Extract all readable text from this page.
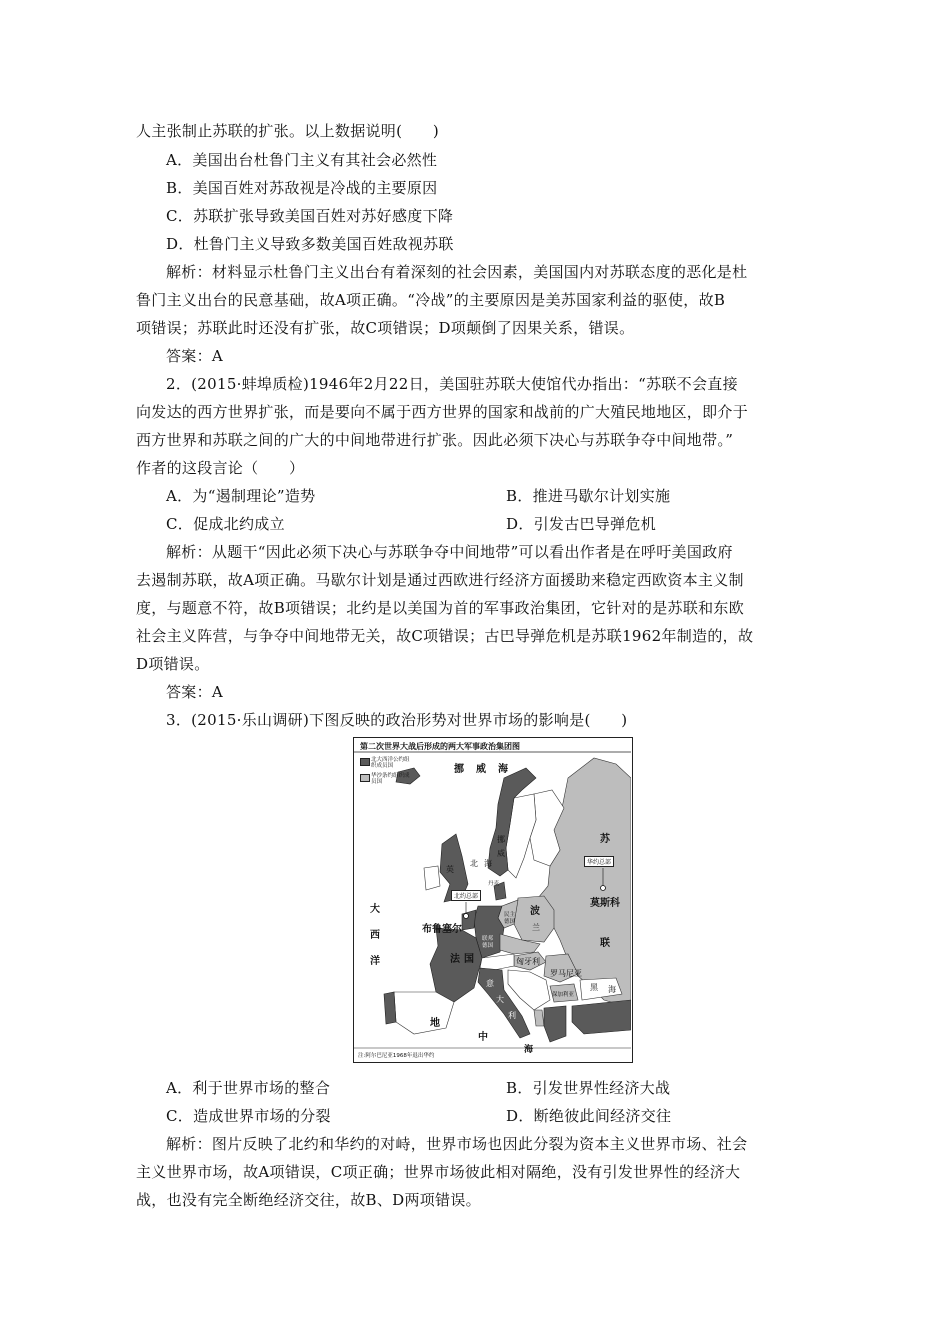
人主张制止苏联的扩张。以上数据说明(　　)
A．美国出台杜鲁门主义有其社会必然性
B．美国百姓对苏敌视是冷战的主要原因
C．苏联扩张导致美国百姓对苏好感度下降
D．杜鲁门主义导致多数美国百姓敌视苏联
解析：材料显示杜鲁门主义出台有着深刻的社会因素，美国国内对苏联态度的恶化是杜
鲁门主义出台的民意基础，故A项正确。“冷战”的主要原因是美苏国家利益的驱使，故B
项错误；苏联此时还没有扩张，故C项错误；D项颠倒了因果关系，错误。
答案：A
2．(2015·蚌埠质检)1946年2月22日，美国驻苏联大使馆代办指出：“苏联不会直接
向发达的西方世界扩张，而是要向不属于西方世界的国家和战前的广大殖民地地区，即介于
西方世界和苏联之间的广大的中间地带进行扩张。因此必须下决心与苏联争夺中间地带。”
作者的这段言论（　　）
A．为“遏制理论”造势	B．推进马歇尔计划实施
C．促成北约成立	D．引发古巴导弹危机
解析：从题干“因此必须下决心与苏联争夺中间地带”可以看出作者是在呼吁美国政府
去遏制苏联，故A项正确。马歇尔计划是通过西欧进行经济方面援助来稳定西欧资本主义制
度，与题意不符，故B项错误；北约是以美国为首的军事政治集团，它针对的是苏联和东欧
社会主义阵营，与争夺中间地带无关，故C项错误；古巴导弹危机是苏联1962年制造的，故
D项错误。
答案：A
3．(2015·乐山调研)下图反映的政治形势对世界市场的影响是(　　)
第二次世界大战后形成的两大军事政治集团图
北大西洋公约组织成员国
华沙条约组织成员国
挪 威 海
苏
联
华约总部
莫斯科
北约总部
布鲁塞尔
北 海
大
西
洋
波
兰
法 国	匈牙利
罗马尼亚
保加利亚
黑 海
地
中
海
挪
威
英
丹麦
民主
德国
联邦
德国
意
大
利
注:阿尔巴尼亚1968年退出华约
A．利于世界市场的整合	B．引发世界性经济大战
C．造成世界市场的分裂	D．断绝彼此间经济交往
解析：图片反映了北约和华约的对峙，世界市场也因此分裂为资本主义世界市场、社会
主义世界市场，故A项错误，C项正确；世界市场彼此相对隔绝，没有引发世界性的经济大
战，也没有完全断绝经济交往，故B、D两项错误。
